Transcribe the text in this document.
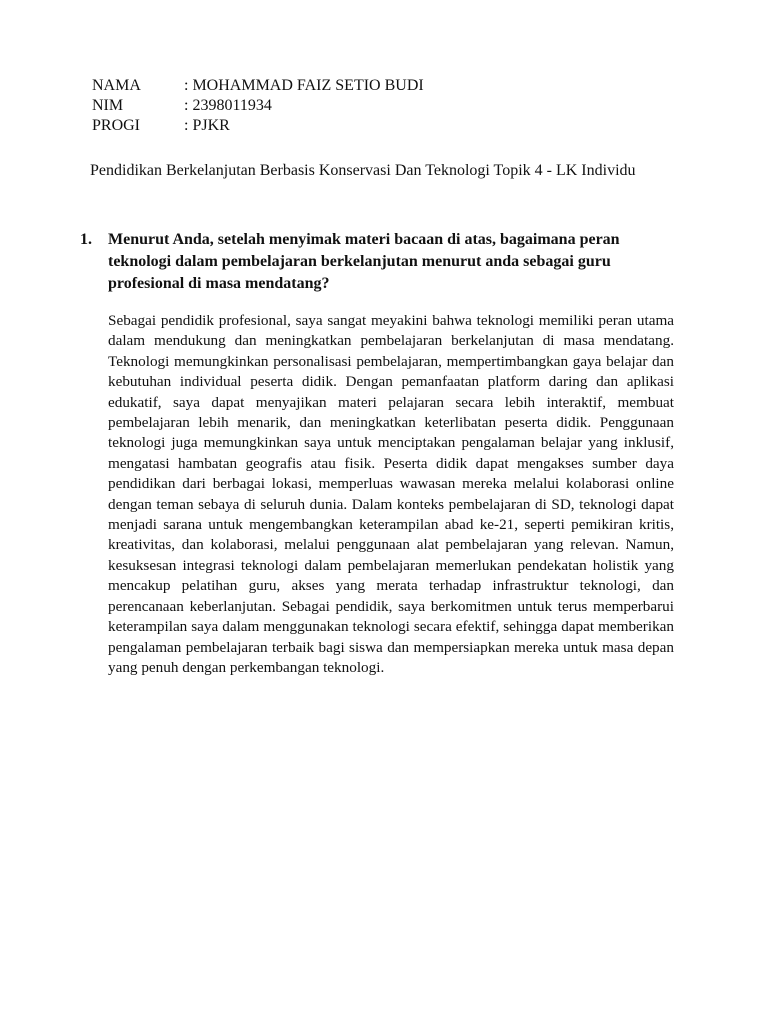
NAMA	: MOHAMMAD FAIZ SETIO BUDI
NIM	: 2398011934
PROGI	: PJKR
Pendidikan Berkelanjutan Berbasis Konservasi Dan Teknologi Topik 4 - LK Individu
1.	Menurut Anda, setelah menyimak materi bacaan di atas, bagaimana peran teknologi dalam pembelajaran berkelanjutan menurut anda sebagai guru profesional di masa mendatang?

Sebagai pendidik profesional, saya sangat meyakini bahwa teknologi memiliki peran utama dalam mendukung dan meningkatkan pembelajaran berkelanjutan di masa mendatang. Teknologi memungkinkan personalisasi pembelajaran, mempertimbangkan gaya belajar dan kebutuhan individual peserta didik. Dengan pemanfaatan platform daring dan aplikasi edukatif, saya dapat menyajikan materi pelajaran secara lebih interaktif, membuat pembelajaran lebih menarik, dan meningkatkan keterlibatan peserta didik. Penggunaan teknologi juga memungkinkan saya untuk menciptakan pengalaman belajar yang inklusif, mengatasi hambatan geografis atau fisik. Peserta didik dapat mengakses sumber daya pendidikan dari berbagai lokasi, memperluas wawasan mereka melalui kolaborasi online dengan teman sebaya di seluruh dunia. Dalam konteks pembelajaran di SD, teknologi dapat menjadi sarana untuk mengembangkan keterampilan abad ke-21, seperti pemikiran kritis, kreativitas, dan kolaborasi, melalui penggunaan alat pembelajaran yang relevan. Namun, kesuksesan integrasi teknologi dalam pembelajaran memerlukan pendekatan holistik yang mencakup pelatihan guru, akses yang merata terhadap infrastruktur teknologi, dan perencanaan keberlanjutan. Sebagai pendidik, saya berkomitmen untuk terus memperbarui keterampilan saya dalam menggunakan teknologi secara efektif, sehingga dapat memberikan pengalaman pembelajaran terbaik bagi siswa dan mempersiapkan mereka untuk masa depan yang penuh dengan perkembangan teknologi.
